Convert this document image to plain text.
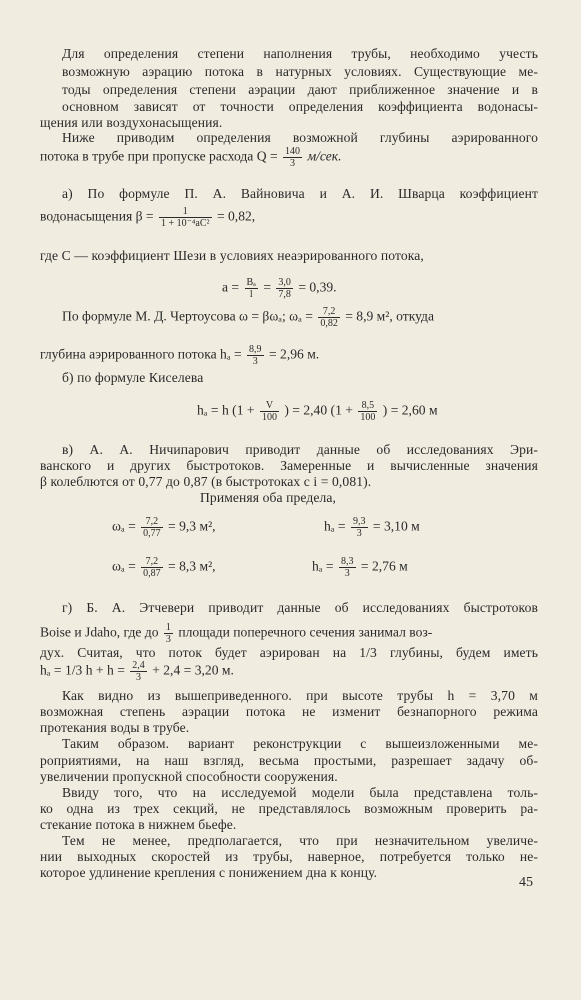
Для определения степени наполнения трубы, необходимо учесть
возможную аэрацию потока в натурных условиях. Существующие ме-
тоды определения степени аэрации дают приближенное значение и в
основном зависят от точности определения коэффициента водонасы-
щения или воздухонасыщения.
Ниже приводим определения возможной глубины аэрированного
потока в трубе при пропуске расхода $Q = \frac{140}{3} м/сек$.
а) По формуле П. А. Вайновича и А. И. Шварца коэффициент
водонасыщения $\beta = \frac{1}{\text{1 + 10⁻⁴aC²}} = 0,82$,
где С — коэффициент Шези в условиях неаэрированного потока,
$a = \frac{\text{Bₐ}}{l} = \frac{3,0}{7,8} = 0,39$.
По формуле М. Д. Чертоусова ω = βωₐ; $\omega_a = \frac{7,2}{0,82} = 8,9$ м², откуда
глубина аэрированного потока $h_a = \frac{8,9}{3} = 2,96$ м.
б) по формуле Киселева
hₐ = h ($1 + \frac{V}{100}$ ) = 2,40 ($1 + \frac{8,5}{100}$ ) = 2,60 м
в) А. А. Ничипарович приводит данные об исследованиях Эри-
ванского и других быстротоков. Замеренные и вычисленные значения
β колеблются от 0,77 до 0,87 (в быстротоках с i = 0,081).
Применяя оба предела,
$\omega_a = \frac{7,2}{0,77} = 9,3$ м²,	$h_a = \frac{9,3}{3} = 3,10$ м
$\omega_a = \frac{7,2}{0,87} = 8,3$ м²,	$h_a = \frac{8,3}{3} = 2,76$ м
г) Б. А. Этчевери приводит данные об исследованиях быстротоков
Boise и Jdaho, где до $\frac{1}{3}$ площади поперечного сечения занимал воз-
дух. Считая, что поток будет аэрирован на 1/3 глубины, будем иметь
hₐ = 1/3 $h + h = \frac{2,4}{3} + 2,4 = 3,20$ м.
Как видно из вышеприведенного. при высоте трубы h = 3,70 м
возможная степень аэрации потока не изменит безнапорного режима
протекания воды в трубе.
Таким образом. вариант реконструкции с вышеизложенными ме-
роприятиями, на наш взгляд, весьма простыми, разрешает задачу об-
увеличении пропускной способности сооружения.
Ввиду того, что на исследуемой модели была представлена толь-
ко одна из трех секций, не представлялось возможным проверить ра-
стекание потока в нижнем бьефе.
Тем не менее, предполагается, что при незначительном увеличе-
нии выходных скоростей из трубы, наверное, потребуется только не-
которое удлинение крепления с понижением дна к концу.
45
